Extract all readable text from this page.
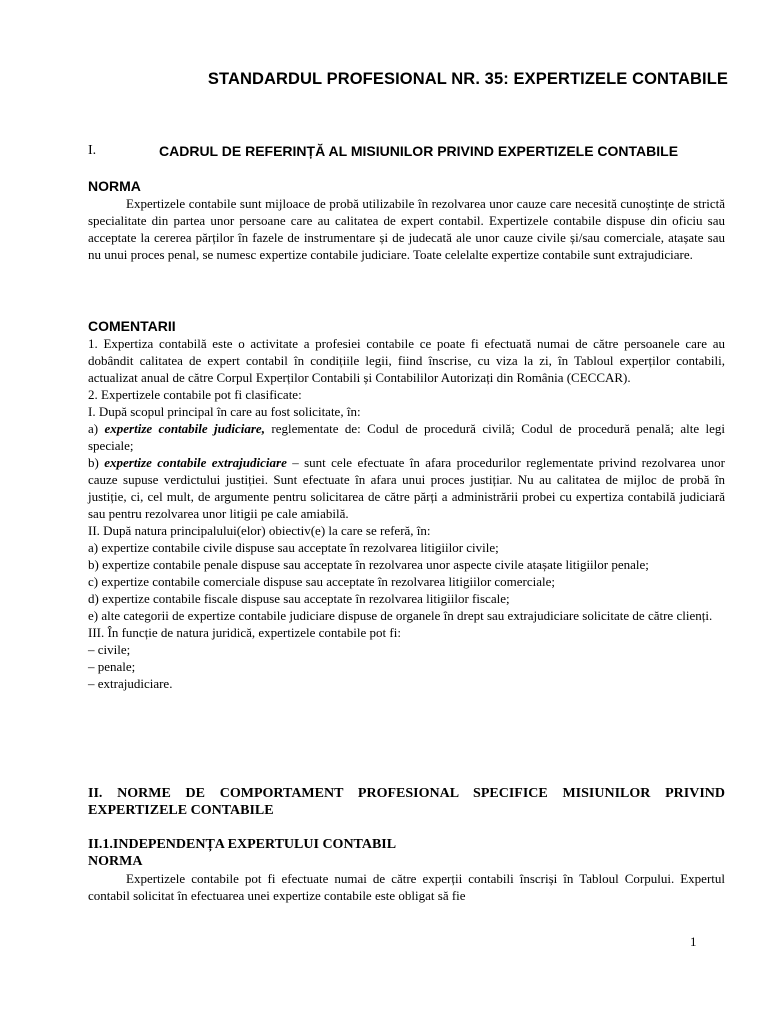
STANDARDUL PROFESIONAL NR. 35: EXPERTIZELE CONTABILE
I.	CADRUL DE REFERINȚĂ AL MISIUNILOR PRIVIND EXPERTIZELE CONTABILE
NORMA

Expertizele contabile sunt mijloace de probă utilizabile în rezolvarea unor cauze care necesită cunoștințe de strictă specialitate din partea unor persoane care au calitatea de expert contabil. Expertizele contabile dispuse din oficiu sau acceptate la cererea părților în fazele de instrumentare și de judecată ale unor cauze civile și/sau comerciale, atașate sau nu unui proces penal, se numesc expertize contabile judiciare. Toate celelalte expertize contabile sunt extrajudiciare.

COMENTARII

1. Expertiza contabilă este o activitate a profesiei contabile ce poate fi efectuată numai de către persoanele care au dobândit calitatea de expert contabil în condițiile legii, fiind înscrise, cu viza la zi, în Tabloul experților contabili, actualizat anual de către Corpul Experților Contabili și Contabililor Autorizați din România (CECCAR).

2. Expertizele contabile pot fi clasificate:

I. După scopul principal în care au fost solicitate, în:

a) expertize contabile judiciare, reglementate de: Codul de procedură civilă; Codul de procedură penală; alte legi speciale;

b) expertize contabile extrajudiciare – sunt cele efectuate în afara procedurilor reglementate privind rezolvarea unor cauze supuse verdictului justiției. Sunt efectuate în afara unui proces justițiar. Nu au calitatea de mijloc de probă în justiție, ci, cel mult, de argumente pentru solicitarea de către părți a administrării probei cu expertiza contabilă judiciară sau pentru rezolvarea unor litigii pe cale amiabilă.

II. După natura principalului(elor) obiectiv(e) la care se referă, în:

a) expertize contabile civile dispuse sau acceptate în rezolvarea litigiilor civile;

b) expertize contabile penale dispuse sau acceptate în rezolvarea unor aspecte civile atașate litigiilor penale;

c) expertize contabile comerciale dispuse sau acceptate în rezolvarea litigiilor comerciale;

d) expertize contabile fiscale dispuse sau acceptate în rezolvarea litigiilor fiscale;

e) alte categorii de expertize contabile judiciare dispuse de organele în drept sau extrajudiciare solicitate de către clienți.

III. În funcție de natura juridică, expertizele contabile pot fi:

– civile;

– penale;

– extrajudiciare.

II. NORME DE COMPORTAMENT PROFESIONAL SPECIFICE MISIUNILOR PRIVIND EXPERTIZELE CONTABILE
II.1.INDEPENDENȚA EXPERTULUI CONTABIL
NORMA

Expertizele contabile pot fi efectuate numai de către experții contabili înscriși în Tabloul Corpului. Expertul contabil solicitat în efectuarea unei expertize contabile este obligat să fie

1
